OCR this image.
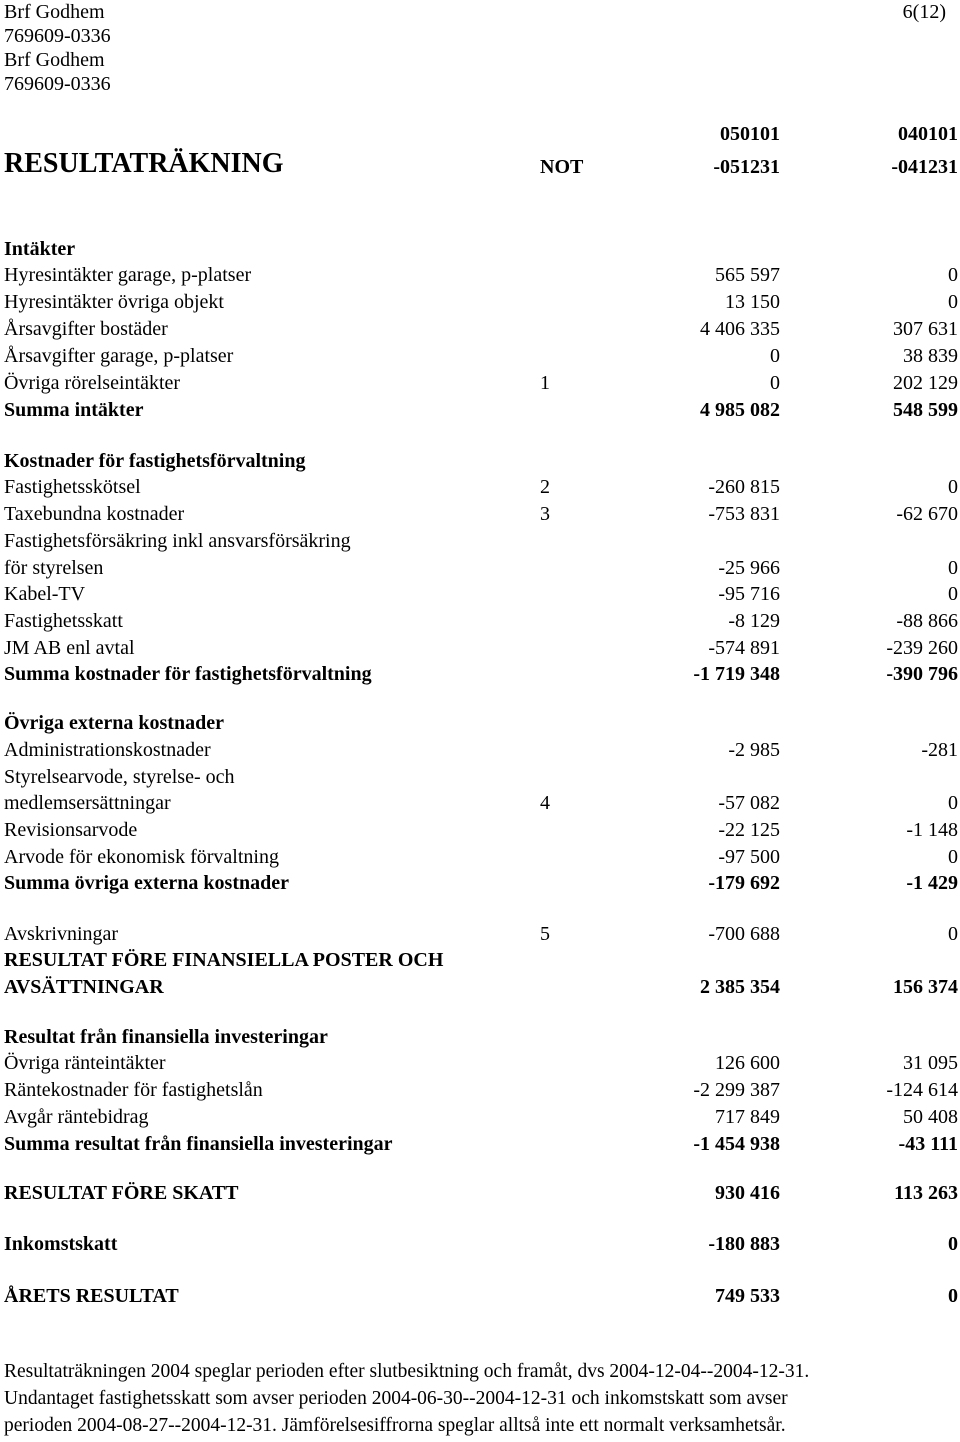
Brf Godhem
769609-0336
Brf Godhem
769609-0336
6(12)
050101	040101
RESULTATRÄKNING	NOT	-051231	-041231
Intäkter
Hyresintäkter garage, p-platser	565 597	0
Hyresintäkter övriga objekt	13 150	0
Årsavgifter bostäder	4 406 335	307 631
Årsavgifter garage, p-platser	0	38 839
Övriga rörelseintäkter	1	0	202 129
Summa intäkter	4 985 082	548 599
Kostnader för fastighetsförvaltning
Fastighetsskötsel	2	-260 815	0
Taxebundna kostnader	3	-753 831	-62 670
Fastighetsförsäkring inkl ansvarsförsäkring
för styrelsen	-25 966	0
Kabel-TV	-95 716	0
Fastighetsskatt	-8 129	-88 866
JM AB enl avtal	-574 891	-239 260
Summa kostnader för fastighetsförvaltning	-1 719 348	-390 796
Övriga externa kostnader
Administrationskostnader	-2 985	-281
Styrelsearvode, styrelse- och
medlemsersättningar	4	-57 082	0
Revisionsarvode	-22 125	-1 148
Arvode för ekonomisk förvaltning	-97 500	0
Summa övriga externa kostnader	-179 692	-1 429
Avskrivningar	5	-700 688	0
RESULTAT FÖRE FINANSIELLA POSTER OCH
AVSÄTTNINGAR	2 385 354	156 374
Resultat från finansiella investeringar
Övriga ränteintäkter	126 600	31 095
Räntekostnader för fastighetslån	-2 299 387	-124 614
Avgår räntebidrag	717 849	50 408
Summa resultat från finansiella investeringar	-1 454 938	-43 111
RESULTAT FÖRE SKATT	930 416	113 263
Inkomstskatt	-180 883	0
ÅRETS RESULTAT	749 533	0
Resultaträkningen 2004 speglar perioden efter slutbesiktning och framåt, dvs 2004-12-04--2004-12-31.
Undantaget fastighetsskatt som avser perioden 2004-06-30--2004-12-31 och inkomstskatt som avser
perioden 2004-08-27--2004-12-31. Jämförelsesiffrorna speglar alltså inte ett normalt verksamhetsår.
